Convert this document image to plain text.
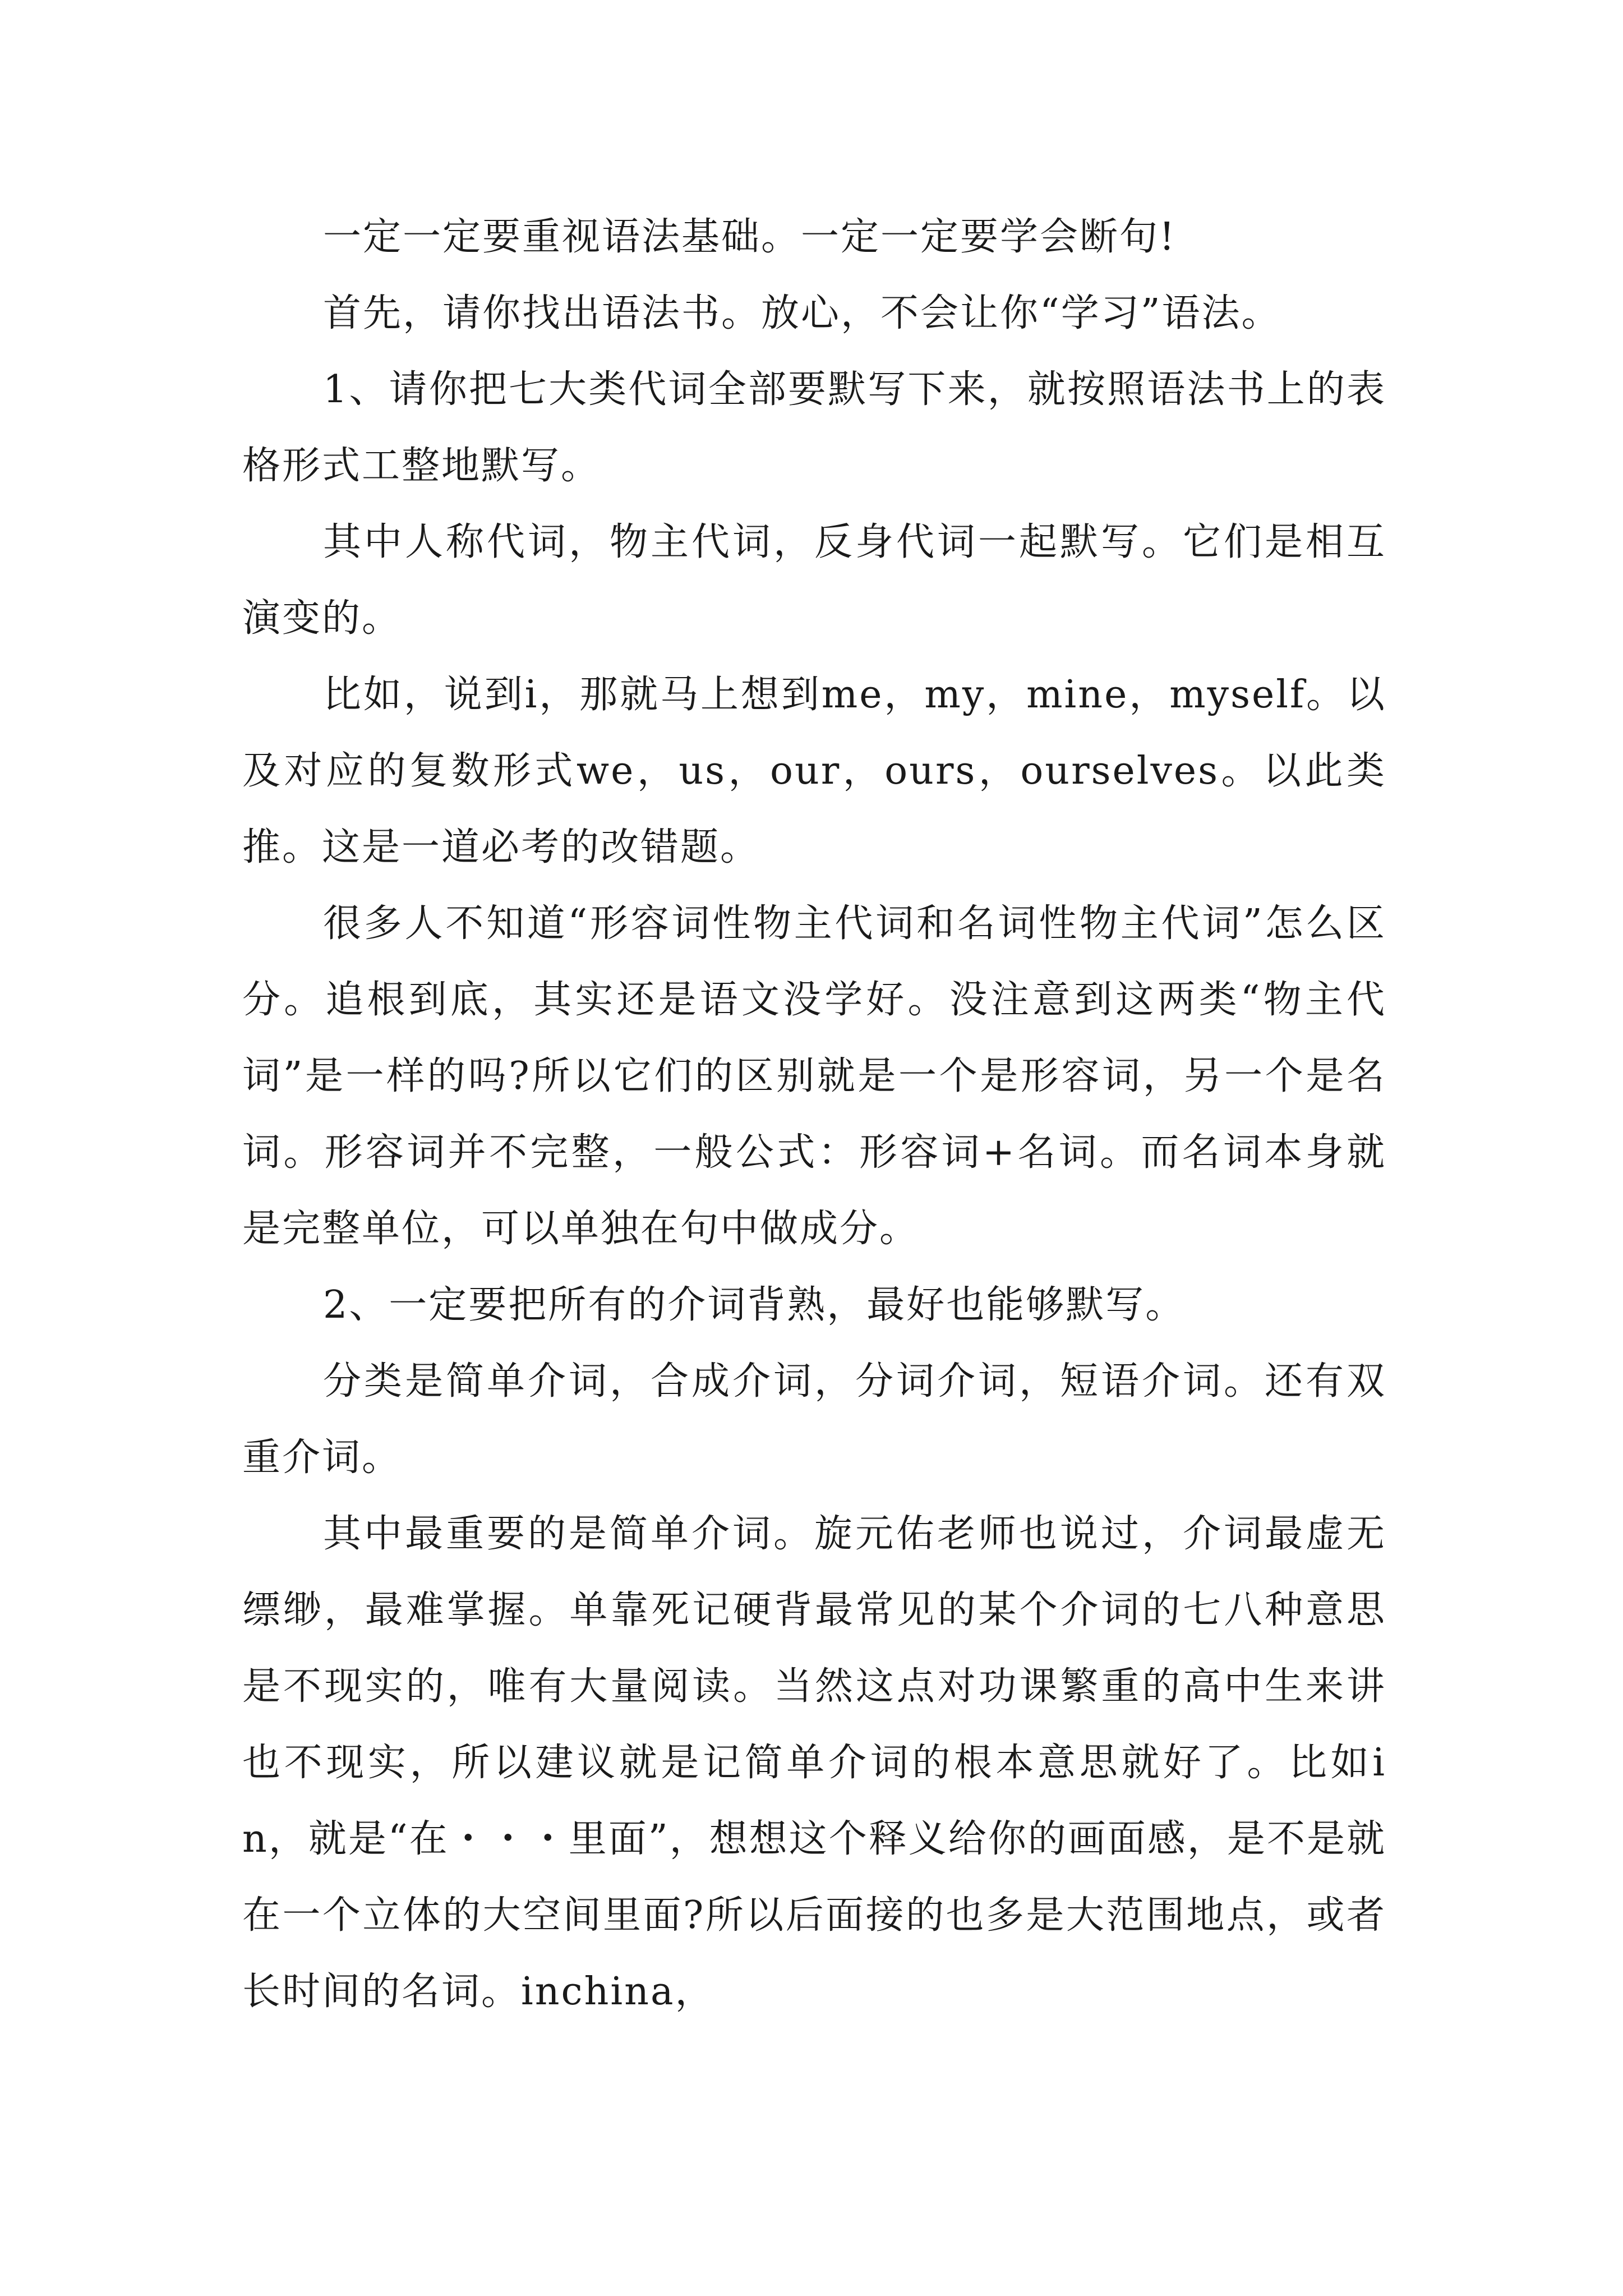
一定一定要重视语法基础。一定一定要学会断句!

首先，请你找出语法书。放心，不会让你“学习”语法。

1、请你把七大类代词全部要默写下来，就按照语法书上的表格形式工整地默写。

其中人称代词，物主代词，反身代词一起默写。它们是相互演变的。

比如，说到i，那就马上想到me，my，mine，myself。以及对应的复数形式we，us，our，ours，ourselves。以此类推。这是一道必考的改错题。

很多人不知道“形容词性物主代词和名词性物主代词”怎么区分。追根到底，其实还是语文没学好。没注意到这两类“物主代词”是一样的吗?所以它们的区别就是一个是形容词，另一个是名词。形容词并不完整，一般公式：形容词+名词。而名词本身就是完整单位，可以单独在句中做成分。

2、一定要把所有的介词背熟，最好也能够默写。

分类是简单介词，合成介词，分词介词，短语介词。还有双重介词。

其中最重要的是简单介词。旋元佑老师也说过，介词最虚无缥缈，最难掌握。单靠死记硬背最常见的某个介词的七八种意思是不现实的，唯有大量阅读。当然这点对功课繁重的高中生来讲也不现实，所以建议就是记简单介词的根本意思就好了。比如in，就是“在・・・里面”，想想这个释义给你的画面感，是不是就在一个立体的大空间里面?所以后面接的也多是大范围地点，或者长时间的名词。inchina，
